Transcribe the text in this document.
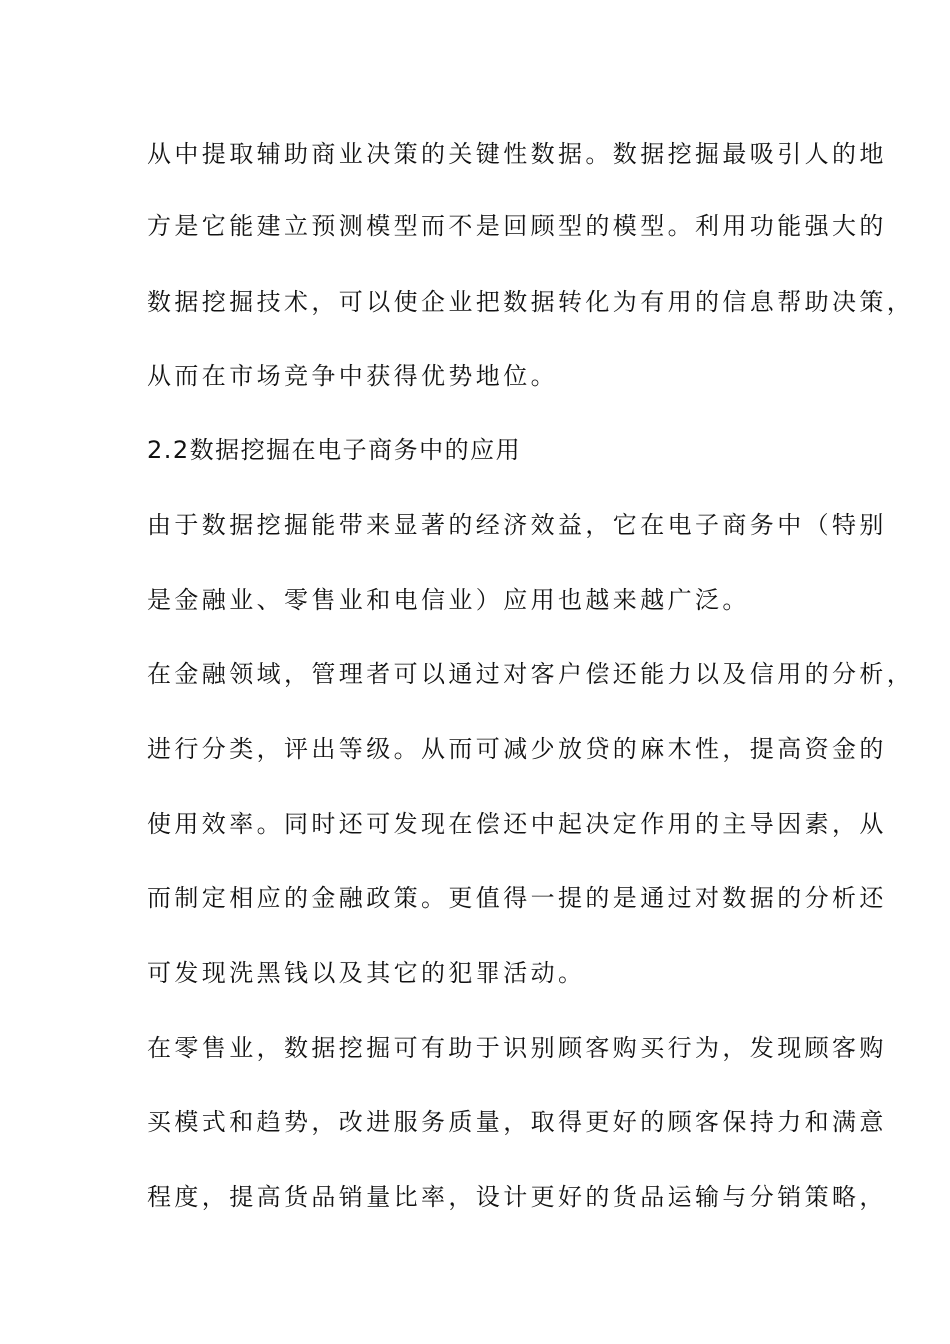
从中提取辅助商业决策的关键性数据。数据挖掘最吸引人的地
方是它能建立预测模型而不是回顾型的模型。利用功能强大的
数据挖掘技术，可以使企业把数据转化为有用的信息帮助决策，
从而在市场竞争中获得优势地位。
2.2数据挖掘在电子商务中的应用
由于数据挖掘能带来显著的经济效益，它在电子商务中（特别
是金融业、零售业和电信业）应用也越来越广泛。
在金融领域，管理者可以通过对客户偿还能力以及信用的分析，
进行分类，评出等级。从而可减少放贷的麻木性，提高资金的
使用效率。同时还可发现在偿还中起决定作用的主导因素，从
而制定相应的金融政策。更值得一提的是通过对数据的分析还
可发现洗黑钱以及其它的犯罪活动。
在零售业，数据挖掘可有助于识别顾客购买行为，发现顾客购
买模式和趋势，改进服务质量，取得更好的顾客保持力和满意
程度，提高货品销量比率，设计更好的货品运输与分销策略，
